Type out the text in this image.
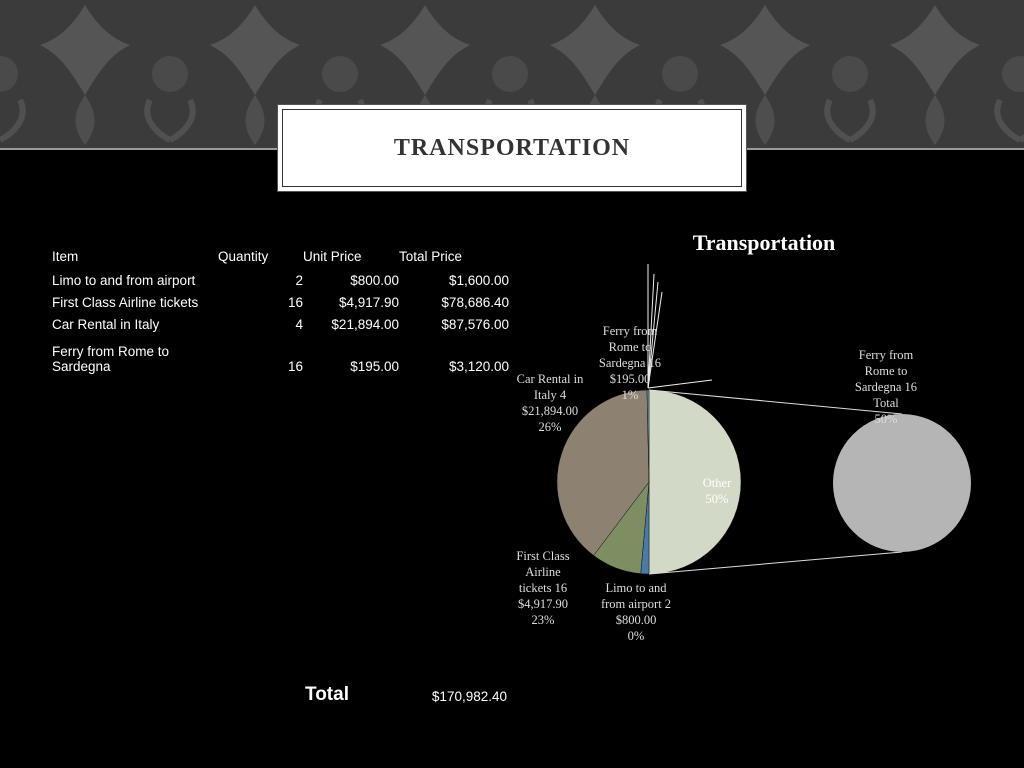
TRANSPORTATION
Item	Quantity	Unit Price	Total Price
Limo to and from airport	2	$800.00	$1,600.00
First Class Airline tickets	16	$4,917.90	$78,686.40
Car Rental in Italy	4	$21,894.00	$87,576.00
Ferry from Rome to Sardegna	16	$195.00	$3,120.00
Total	$170,982.40
Transportation
Ferry from Rome to Sardegna 16 $195.00 1%
Car Rental in Italy 4 $21,894.00 26%
First Class Airline tickets 16 $4,917.90 23%
Limo to and from airport 2 $800.00 0%
Other 50%
Ferry from Rome to Sardegna 16 Total 50%
